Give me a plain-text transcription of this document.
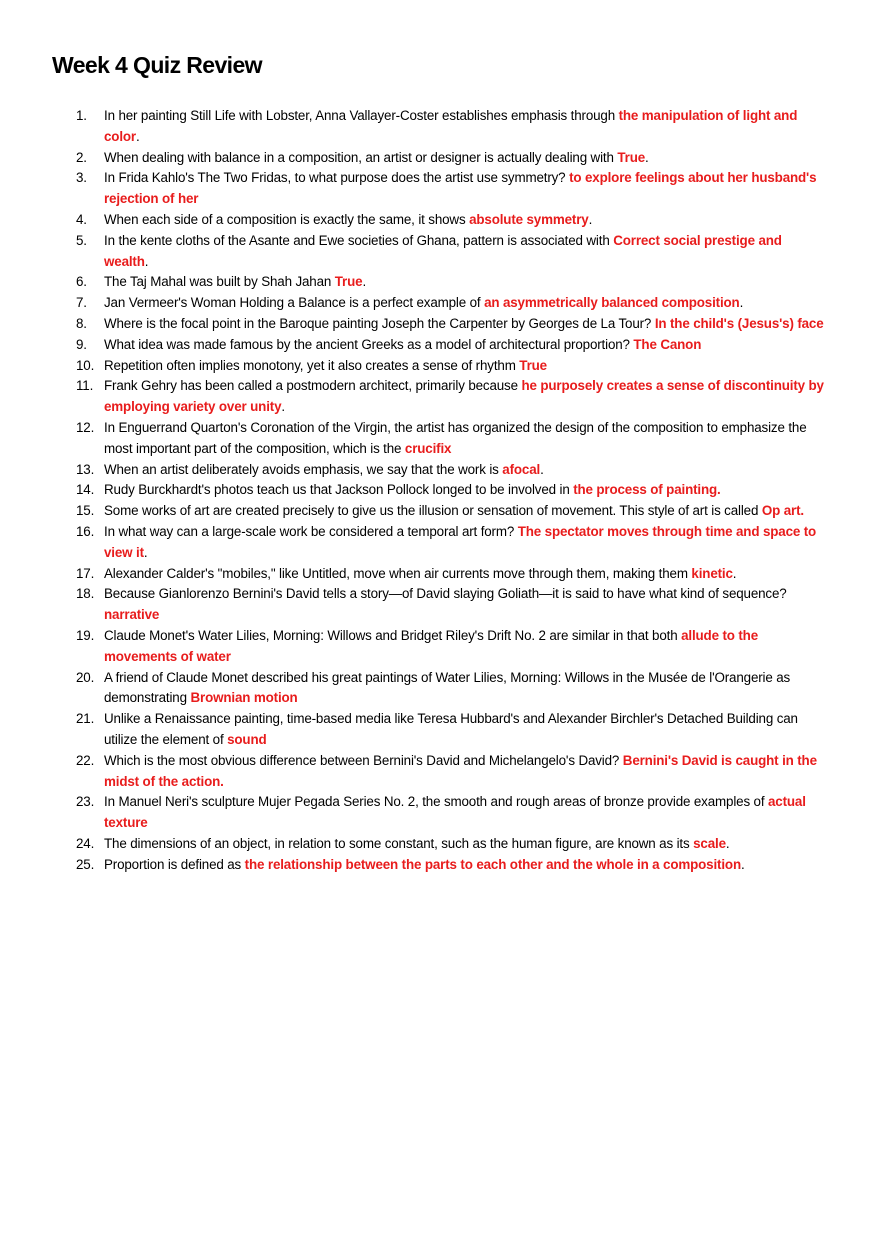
Week 4 Quiz Review
1. In her painting Still Life with Lobster, Anna Vallayer-Coster establishes emphasis through the manipulation of light and color.
2. When dealing with balance in a composition, an artist or designer is actually dealing with True.
3. In Frida Kahlo's The Two Fridas, to what purpose does the artist use symmetry? to explore feelings about her husband's rejection of her
4. When each side of a composition is exactly the same, it shows absolute symmetry.
5. In the kente cloths of the Asante and Ewe societies of Ghana, pattern is associated with Correct social prestige and wealth.
6. The Taj Mahal was built by Shah Jahan True.
7. Jan Vermeer's Woman Holding a Balance is a perfect example of an asymmetrically balanced composition.
8. Where is the focal point in the Baroque painting Joseph the Carpenter by Georges de La Tour? In the child's (Jesus's) face
9. What idea was made famous by the ancient Greeks as a model of architectural proportion? The Canon
10. Repetition often implies monotony, yet it also creates a sense of rhythm True
11. Frank Gehry has been called a postmodern architect, primarily because he purposely creates a sense of discontinuity by employing variety over unity.
12. In Enguerrand Quarton's Coronation of the Virgin, the artist has organized the design of the composition to emphasize the most important part of the composition, which is the crucifix
13. When an artist deliberately avoids emphasis, we say that the work is afocal.
14. Rudy Burckhardt's photos teach us that Jackson Pollock longed to be involved in the process of painting.
15. Some works of art are created precisely to give us the illusion or sensation of movement. This style of art is called Op art.
16. In what way can a large-scale work be considered a temporal art form? The spectator moves through time and space to view it.
17. Alexander Calder's "mobiles," like Untitled, move when air currents move through them, making them kinetic.
18. Because Gianlorenzo Bernini's David tells a story—of David slaying Goliath—it is said to have what kind of sequence? narrative
19. Claude Monet's Water Lilies, Morning: Willows and Bridget Riley's Drift No. 2 are similar in that both allude to the movements of water
20. A friend of Claude Monet described his great paintings of Water Lilies, Morning: Willows in the Musée de l'Orangerie as demonstrating Brownian motion
21. Unlike a Renaissance painting, time-based media like Teresa Hubbard's and Alexander Birchler's Detached Building can utilize the element of sound
22. Which is the most obvious difference between Bernini's David and Michelangelo's David? Bernini's David is caught in the midst of the action.
23. In Manuel Neri's sculpture Mujer Pegada Series No. 2, the smooth and rough areas of bronze provide examples of actual texture
24. The dimensions of an object, in relation to some constant, such as the human figure, are known as its scale.
25. Proportion is defined as the relationship between the parts to each other and the whole in a composition.
